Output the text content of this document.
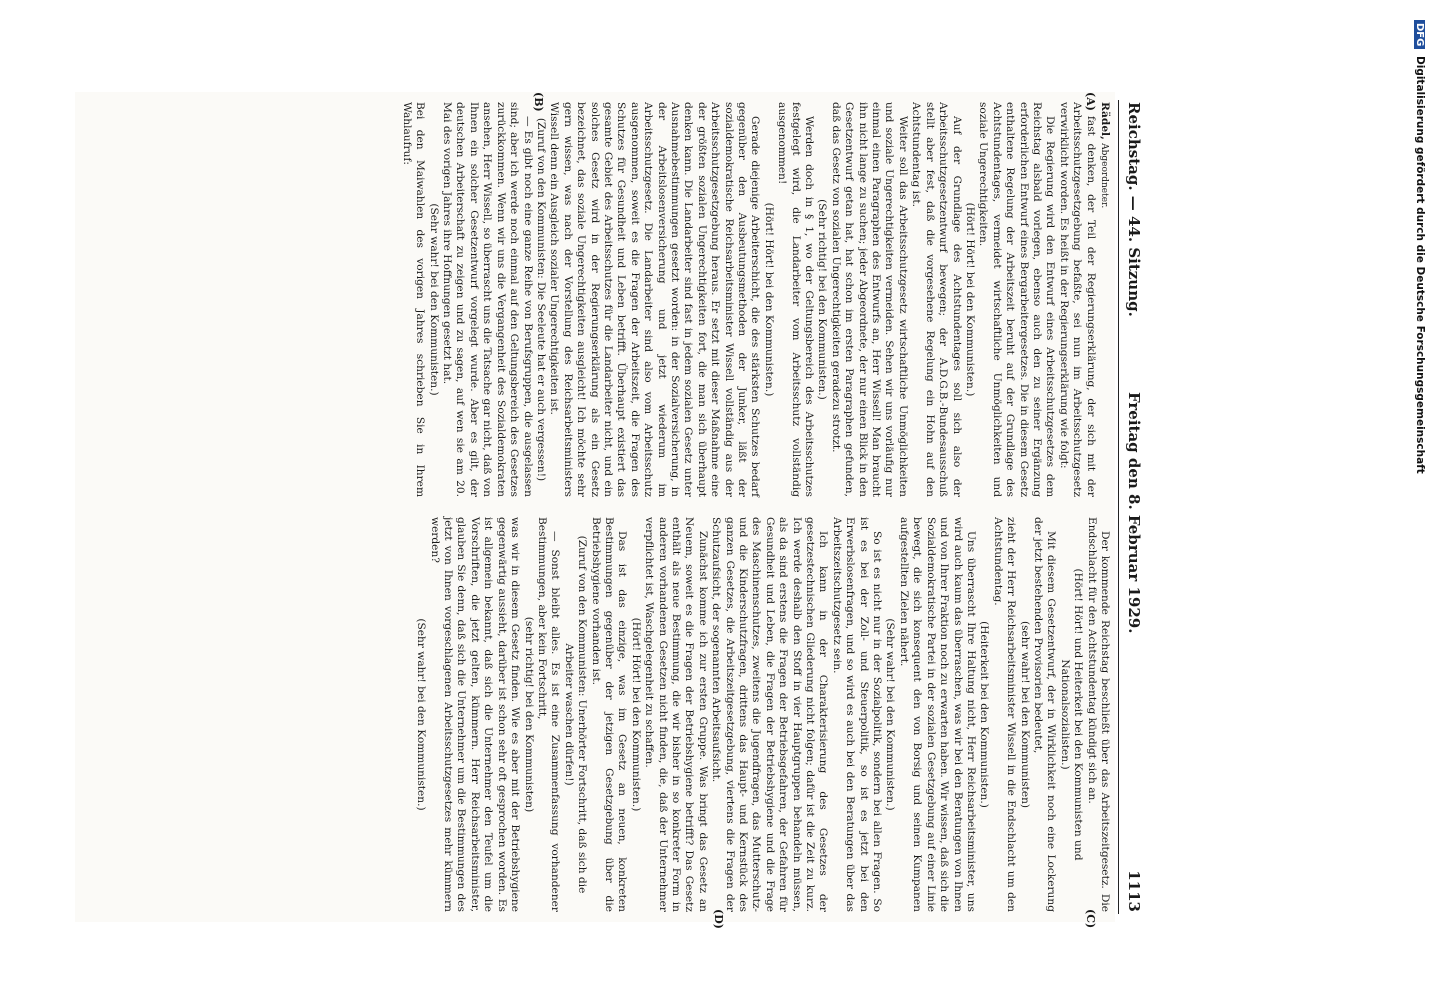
Reichstag. — 44. Sitzung.
Freitag den 8. Februar 1929.
1113
(A)
(B)
(C)
(D)

Rädel, Abgeordneter.

fast denken, der Teil der Regierungserklärung, der sich mit der Arbeitsschutzgesetzgebung befaßte, sei nun im Arbeitsschutzgesetz verwirklicht worden. Es heißt in der Regierungserklärung wie folgt:

Die Regierung wird den Entwurf eines Arbeitsschutzgesetzes dem Reichstag alsbald vorlegen, ebenso auch den zu seiner Ergänzung erforderlichen Entwurf eines Bergarbeitergesetzes. Die in diesem Gesetz enthaltene Regelung der Arbeitszeit beruht auf der Grundlage des Achtstundentages, vermeidet wirtschaftliche Unmöglichkeiten und soziale Ungerechtigkeiten.

(Hört! Hört! bei den Kommunisten.)

Auf der Grundlage des Achtstundentages soll sich also der Arbeitsschutzgesetzentwurf bewegen; der A.D.G.B.-Bundesausschuß stellt aber fest, daß die vorgesehene Regelung ein Hohn auf den Achtstundentag ist.

Weiter soll das Arbeitsschutzgesetz wirtschaftliche Unmöglichkeiten und soziale Ungerechtigkeiten vermeiden. Sehen wir uns vorläufig nur einmal einen Paragraphen des Entwurfs an, Herr Wissell! Man braucht ihn nicht lange zu suchen; jeder Abgeordnete, der nur einen Blick in den Gesetzentwurf getan hat, hat schon im ersten Paragraphen gefunden, daß das Gesetz von sozialen Ungerechtigkeiten geradezu strotzt.

(Sehr richtig! bei den Kommunisten.)

Werden doch in § 1, wo der Geltungsbereich des Arbeitsschutzes festgelegt wird, die Landarbeiter vom Arbeitsschutz vollständig ausgenommen!

(Hört! Hört! bei den Kommunisten.)

Gerade diejenige Arbeiterschicht, die des stärksten Schutzes bedarf gegenüber den Ausbeutungsmethoden der Junker, läßt der sozialdemokratische Reichsarbeitsminister Wissell vollständig aus der Arbeitsschutzgesetzgebung heraus. Er setzt mit dieser Maßnahme eine der größten sozialen Ungerechtigkeiten fort, die man sich überhaupt denken kann. Die Landarbeiter sind fast in jedem sozialen Gesetz unter Ausnahmebestimmungen gesetzt worden: in der Sozialversicherung, in der Arbeitslosenversicherung und jetzt wiederum im Arbeitsschutzgesetz. Die Landarbeiter sind also vom Arbeitsschutz ausgenommen, soweit es die Fragen der Arbeitszeit, die Fragen des Schutzes für Gesundheit und Leben betrifft. Überhaupt existiert das gesamte Gebiet des Arbeitsschutzes für die Landarbeiter nicht, und ein solches Gesetz wird in der Regierungserklärung als ein Gesetz bezeichnet, das soziale Ungerechtigkeiten ausgleicht! Ich möchte sehr gern wissen, was nach der Vorstellung des Reichsarbeitsministers Wissell denn ein Ausgleich sozialer Ungerechtigkeiten ist.

(Zuruf von den Kommunisten: Die Seeleute hat er auch vergessen!)

— Es gibt noch eine ganze Reihe von Berufsgruppen, die ausgelassen sind; aber ich werde noch einmal auf den Geltungsbereich des Gesetzes zurückkommen. Wenn wir uns die Vergangenheit des Sozialdemokraten ansehen, Herr Wissell, so überrascht uns die Tatsache gar nicht, daß von Ihnen ein solcher Gesetzentwurf vorgelegt wurde. Aber es gilt, der deutschen Arbeiterschaft zu zeigen und zu sagen, auf wen sie am 20. Mai des vorigen Jahres ihre Hoffnungen gesetzt hat.

(Sehr wahr! bei den Kommunisten.)

Bei den Maiwahlen des vorigen Jahres schrieben Sie in Ihrem Wahlaufruf:

Der kommende Reichstag beschließt über das Arbeitszeitgesetz. Die Endschlacht für den Achtstundentag kündigt sich an.

(Hört! Hört! und Heiterkeit bei den Kommunisten und Nationalsozialisten.)

Mit diesem Gesetzentwurf, der in Wirklichkeit noch eine Lockerung der jetzt bestehenden Provisorien bedeutet,

(sehr wahr! bei den Kommunisten)

zieht der Herr Reichsarbeitsminister Wissell in die Endschlacht um den Achtstundentag.

(Heiterkeit bei den Kommunisten.)

Uns überrascht Ihre Haltung nicht, Herr Reichsarbeitsminister, uns wird auch kaum das überraschen, was wir bei den Beratungen von Ihnen und von Ihrer Fraktion noch zu erwarten haben. Wir wissen, daß sich die Sozialdemokratische Partei in der sozialen Gesetzgebung auf einer Linie bewegt, die sich konsequent den von Borsig und seinen Kumpanen aufgestellten Zielen nähert.

(Sehr wahr! bei den Kommunisten.)

So ist es nicht nur in der Sozialpolitik, sondern bei allen Fragen. So ist es bei der Zoll- und Steuerpolitik, so ist es jetzt bei den Erwerbslosenfragen, und so wird es auch bei den Beratungen über das Arbeitszeitschutzgesetz sein.

Ich kann in der Charakterisierung des Gesetzes der gesetzestechnischen Gliederung nicht folgen; dafür ist die Zeit zu kurz. Ich werde deshalb den Stoff in vier Hauptgruppen behandeln müssen, als da sind erstens die Fragen der Betriebsgefahren, der Gefahren für Gesundheit und Leben, die Fragen der Betriebshygiene und die Frage des Maschinenschutzes, zweitens die Jugendfragen, das Mutterschutz- und die Kinderschutzfragen, drittens das Haupt- und Kernstück des ganzen Gesetzes, die Arbeitszeitgesetzgebung, viertens die Fragen der Schutzaufsicht, der sogenannten Arbeitsaufsicht.

Zunächst komme ich zur ersten Gruppe. Was bringt das Gesetz an Neuem, soweit es die Fragen der Betriebshygiene betrifft? Das Gesetz enthält als neue Bestimmung, die wir bisher in so konkreter Form in anderen vorhandenen Gesetzen nicht finden, die, daß der Unternehmer verpflichtet ist, Waschgelegenheit zu schaffen.

(Hört! Hört! bei den Kommunisten.)

Das ist das einzige, was im Gesetz an neuen, konkreten Bestimmungen gegenüber der jetzigen Gesetzgebung über die Betriebshygiene vorhanden ist.

(Zuruf von den Kommunisten: Unerhörter Fortschritt, daß sich die Arbeiter waschen dürfen!)

— Sonst bleibt alles. Es ist eine Zusammenfassung vorhandener Bestimmungen, aber kein Fortschritt,

(sehr richtig! bei den Kommunisten)

was wir in diesem Gesetz finden. Wie es aber mit der Betriebshygiene gegenwärtig aussieht, darüber ist schon sehr oft gesprochen worden. Es ist allgemein bekannt, daß sich die Unternehmer den Teufel um die Vorschriften, die jetzt gelten, kümmern. Herr Reichsarbeitsminister, glauben Sie denn, daß sich die Unternehmer um die Bestimmungen des jetzt von Ihnen vorgeschlagenen Arbeitsschutzgesetzes mehr kümmern werden?

(Sehr wahr! bei den Kommunisten.)

DFG Digitalisierung gefördert durch die Deutsche Forschungsgemeinschaft
